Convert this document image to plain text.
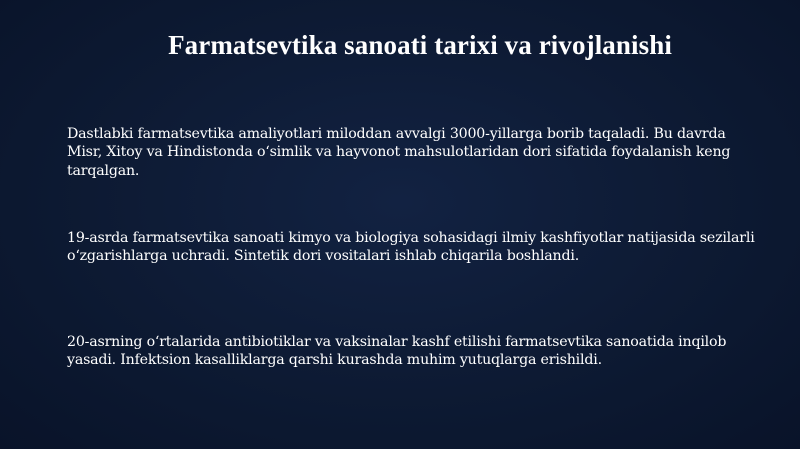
Farmatsevtika sanoati tarixi va rivojlanishi

Dastlabki farmatsevtika amaliyotlari miloddan avvalgi 3000-yillarga borib taqaladi. Bu davrda Misr, Xitoy va Hindistonda o‘simlik va hayvonot mahsulotlaridan dori sifatida foydalanish keng tarqalgan.

19-asrda farmatsevtika sanoati kimyo va biologiya sohasidagi ilmiy kashfiyotlar natijasida sezilarli o‘zgarishlarga uchradi. Sintetik dori vositalari ishlab chiqarila boshlandi.

20-asrning o‘rtalarida antibiotiklar va vaksinalar kashf etilishi farmatsevtika sanoatida inqilob yasadi. Infektsion kasalliklarga qarshi kurashda muhim yutuqlarga erishildi.
